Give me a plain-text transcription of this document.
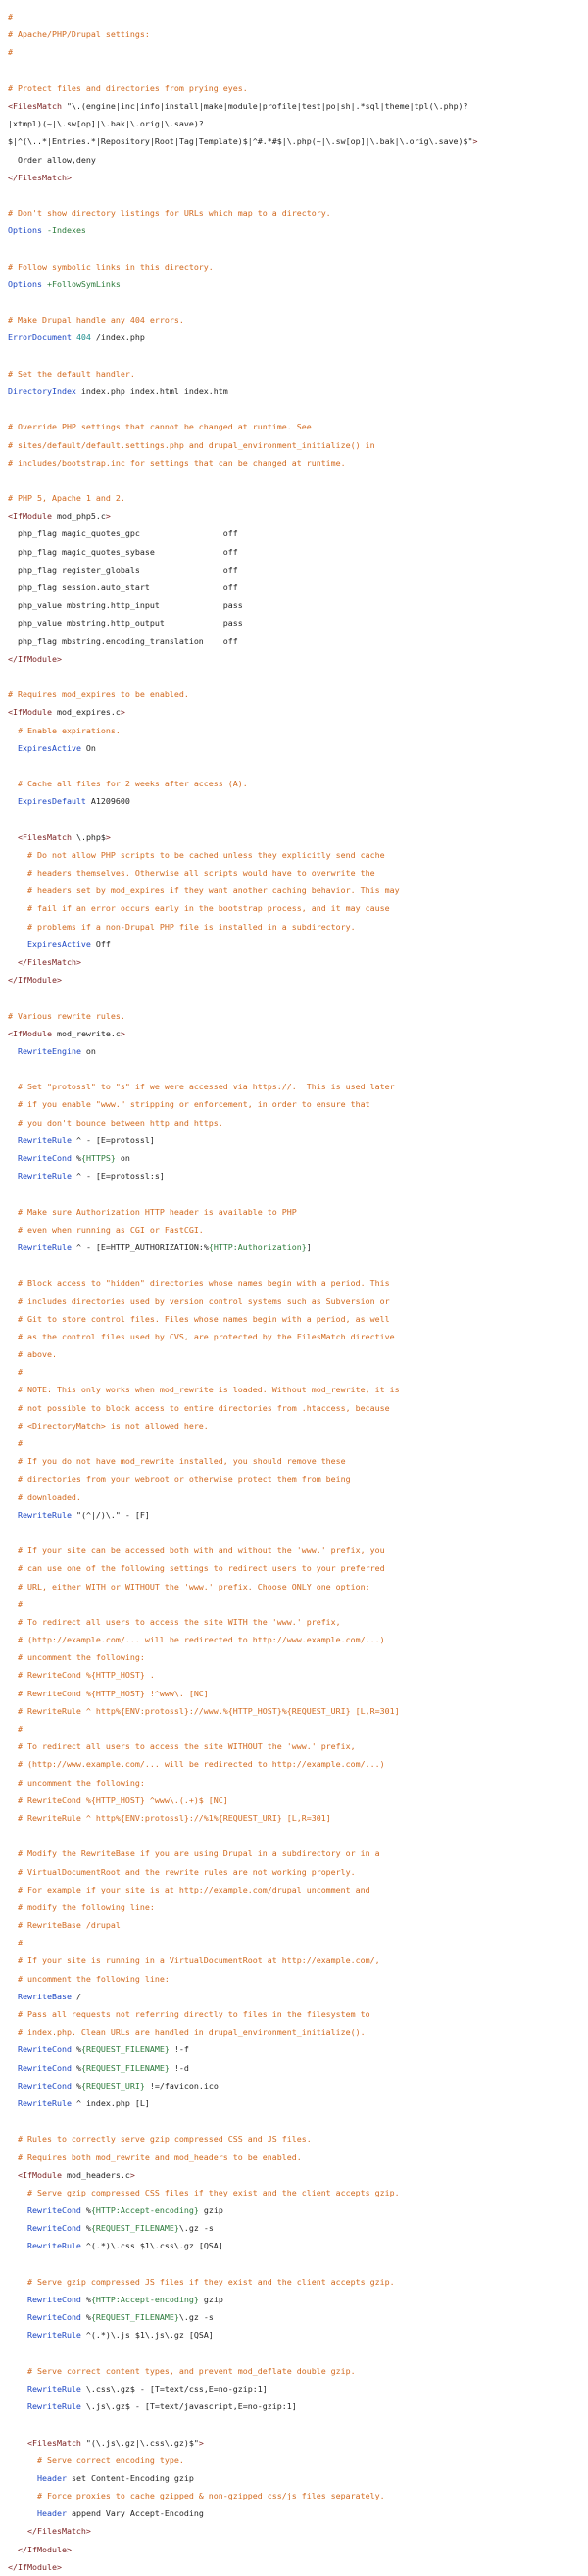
#
# Apache/PHP/Drupal settings:
#

# Protect files and directories from prying eyes.
<FilesMatch "\.(engine|inc|info|install|make|module|profile|test|po|sh|.*sql|theme|tpl(\.php)?
|xtmpl)(~|\.sw[op]|\.bak|\.orig|\.save)?
$|^(\..*|Entries.*|Repository|Root|Tag|Template)$|^#.*#$|\.php(~|\.sw[op]|\.bak|\.orig\.save)$">
Order allow,deny
</FilesMatch>

# Don't show directory listings for URLs which map to a directory.
Options -Indexes

# Follow symbolic links in this directory.
Options +FollowSymLinks

# Make Drupal handle any 404 errors.
ErrorDocument 404 /index.php

# Set the default handler.
DirectoryIndex index.php index.html index.htm

# Override PHP settings that cannot be changed at runtime. See
# sites/default/default.settings.php and drupal_environment_initialize() in
# includes/bootstrap.inc for settings that can be changed at runtime.

# PHP 5, Apache 1 and 2.
<IfModule mod_php5.c>
php_flag magic_quotes_gpc                 off
php_flag magic_quotes_sybase              off
php_flag register_globals                 off
php_flag session.auto_start               off
php_value mbstring.http_input             pass
php_value mbstring.http_output            pass
php_flag mbstring.encoding_translation    off
</IfModule>

# Requires mod_expires to be enabled.
<IfModule mod_expires.c>
# Enable expirations.
ExpiresActive On

# Cache all files for 2 weeks after access (A).
ExpiresDefault A1209600

<FilesMatch \.php$>
# Do not allow PHP scripts to be cached unless they explicitly send cache
# headers themselves. Otherwise all scripts would have to overwrite the
# headers set by mod_expires if they want another caching behavior. This may
# fail if an error occurs early in the bootstrap process, and it may cause
# problems if a non-Drupal PHP file is installed in a subdirectory.
ExpiresActive Off
</FilesMatch>
</IfModule>

# Various rewrite rules.
<IfModule mod_rewrite.c>
RewriteEngine on

# Set "protossl" to "s" if we were accessed via https://.  This is used later
# if you enable "www." stripping or enforcement, in order to ensure that
# you don't bounce between http and https.
RewriteRule ^ - [E=protossl]
RewriteCond %{HTTPS} on
RewriteRule ^ - [E=protossl:s]

# Make sure Authorization HTTP header is available to PHP
# even when running as CGI or FastCGI.
RewriteRule ^ - [E=HTTP_AUTHORIZATION:%{HTTP:Authorization}]

# Block access to "hidden" directories whose names begin with a period. This
# includes directories used by version control systems such as Subversion or
# Git to store control files. Files whose names begin with a period, as well
# as the control files used by CVS, are protected by the FilesMatch directive
# above.
#
# NOTE: This only works when mod_rewrite is loaded. Without mod_rewrite, it is
# not possible to block access to entire directories from .htaccess, because
# <DirectoryMatch> is not allowed here.
#
# If you do not have mod_rewrite installed, you should remove these
# directories from your webroot or otherwise protect them from being
# downloaded.
RewriteRule "(^|/)\." - [F]

# If your site can be accessed both with and without the 'www.' prefix, you
# can use one of the following settings to redirect users to your preferred
# URL, either WITH or WITHOUT the 'www.' prefix. Choose ONLY one option:
#
# To redirect all users to access the site WITH the 'www.' prefix,
# (http://example.com/... will be redirected to http://www.example.com/...)
# uncomment the following:
# RewriteCond %{HTTP_HOST} .
# RewriteCond %{HTTP_HOST} !^www\. [NC]
# RewriteRule ^ http%{ENV:protossl}://www.%{HTTP_HOST}%{REQUEST_URI} [L,R=301]
#
# To redirect all users to access the site WITHOUT the 'www.' prefix,
# (http://www.example.com/... will be redirected to http://example.com/...)
# uncomment the following:
# RewriteCond %{HTTP_HOST} ^www\.(.+)$ [NC]
# RewriteRule ^ http%{ENV:protossl}://%1%{REQUEST_URI} [L,R=301]

# Modify the RewriteBase if you are using Drupal in a subdirectory or in a
# VirtualDocumentRoot and the rewrite rules are not working properly.
# For example if your site is at http://example.com/drupal uncomment and
# modify the following line:
# RewriteBase /drupal
#
# If your site is running in a VirtualDocumentRoot at http://example.com/,
# uncomment the following line:
RewriteBase /
# Pass all requests not referring directly to files in the filesystem to
# index.php. Clean URLs are handled in drupal_environment_initialize().
RewriteCond %{REQUEST_FILENAME} !-f
RewriteCond %{REQUEST_FILENAME} !-d
RewriteCond %{REQUEST_URI} !=/favicon.ico
RewriteRule ^ index.php [L]

# Rules to correctly serve gzip compressed CSS and JS files.
# Requires both mod_rewrite and mod_headers to be enabled.
<IfModule mod_headers.c>
# Serve gzip compressed CSS files if they exist and the client accepts gzip.
RewriteCond %{HTTP:Accept-encoding} gzip
RewriteCond %{REQUEST_FILENAME}\.gz -s
RewriteRule ^(.*)\.css $1\.css\.gz [QSA]

# Serve gzip compressed JS files if they exist and the client accepts gzip.
RewriteCond %{HTTP:Accept-encoding} gzip
RewriteCond %{REQUEST_FILENAME}\.gz -s
RewriteRule ^(.*)\.js $1\.js\.gz [QSA]

# Serve correct content types, and prevent mod_deflate double gzip.
RewriteRule \.css\.gz$ - [T=text/css,E=no-gzip:1]
RewriteRule \.js\.gz$ - [T=text/javascript,E=no-gzip:1]

<FilesMatch "(\.js\.gz|\.css\.gz)$">
# Serve correct encoding type.
Header set Content-Encoding gzip
# Force proxies to cache gzipped & non-gzipped css/js files separately.
Header append Vary Accept-Encoding
</FilesMatch>
</IfModule>
</IfModule>
